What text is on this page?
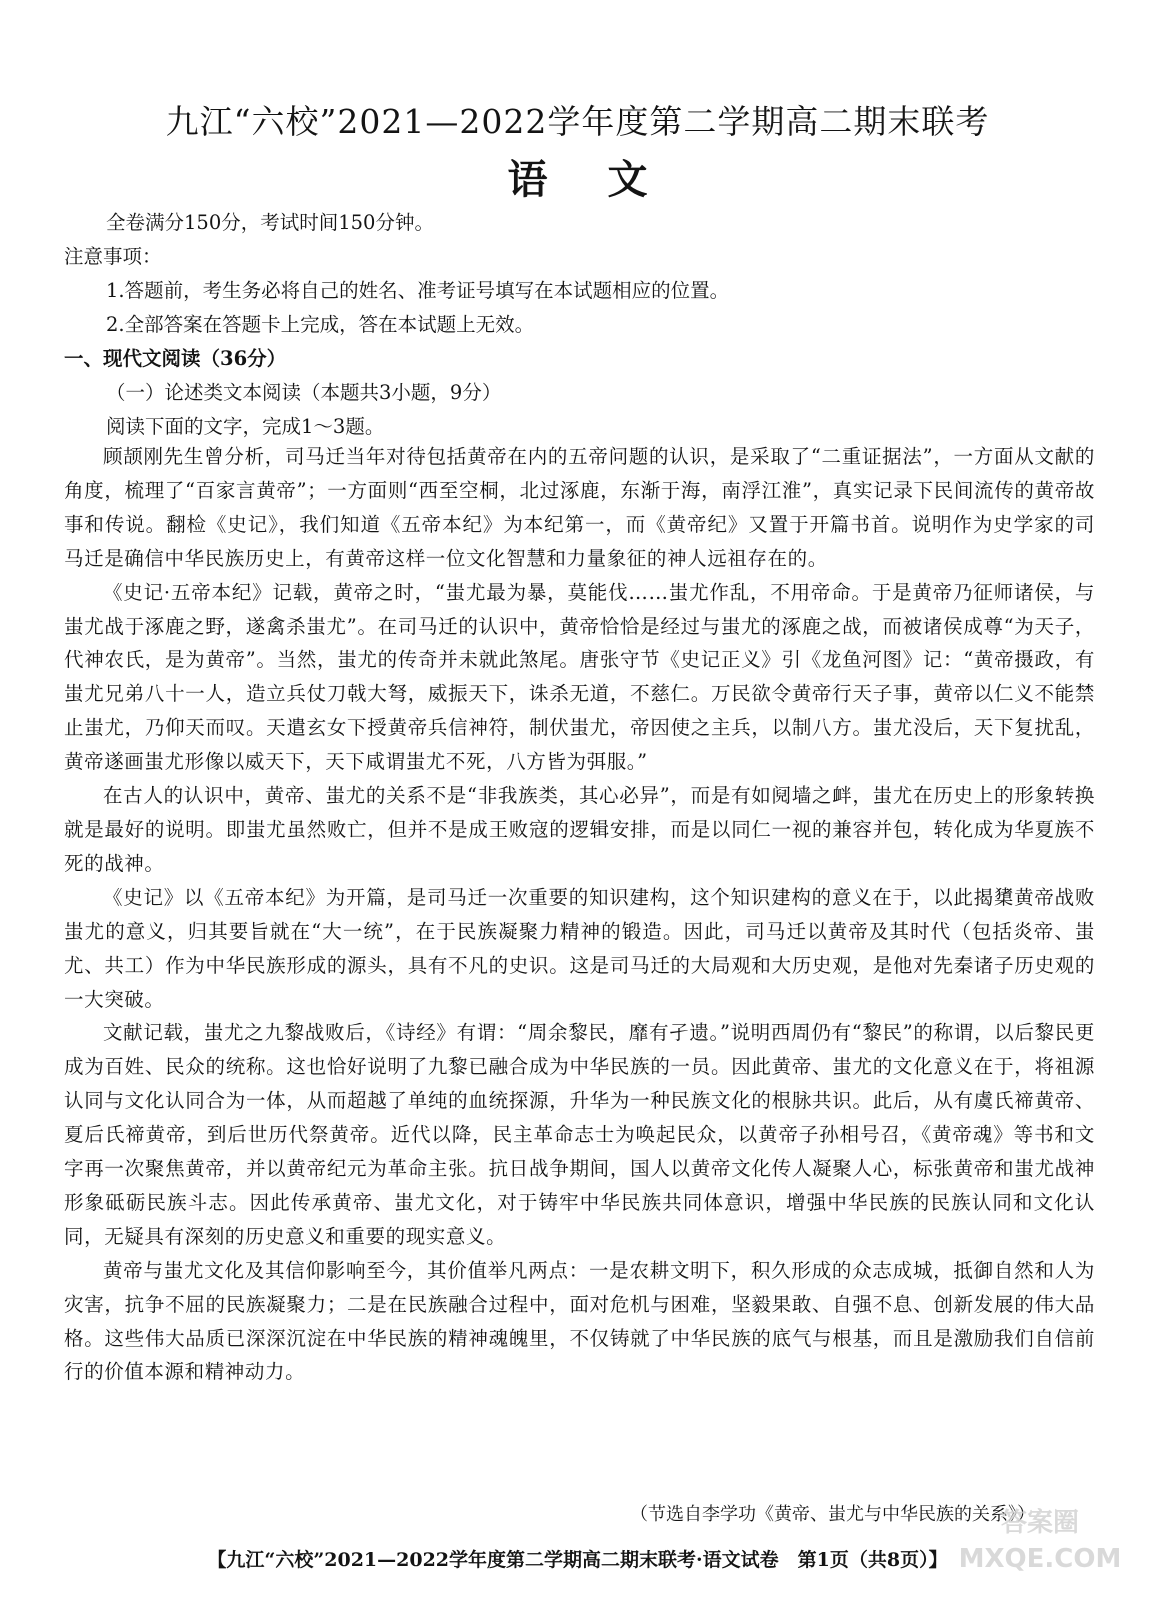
九江“六校”2021—2022学年度第二学期高二期末联考
语文
全卷满分150分，考试时间150分钟。
注意事项：
1.答题前，考生务必将自己的姓名、准考证号填写在本试题相应的位置。
2.全部答案在答题卡上完成，答在本试题上无效。
一、现代文阅读（36分）
（一）论述类文本阅读（本题共3小题，9分）
阅读下面的文字，完成1～3题。

顾颉刚先生曾分析，司马迁当年对待包括黄帝在内的五帝问题的认识，是采取了“二重证据法”，一方面从文献的角度，梳理了“百家言黄帝”；一方面则“西至空桐，北过涿鹿，东渐于海，南浮江淮”，真实记录下民间流传的黄帝故事和传说。翻检《史记》，我们知道《五帝本纪》为本纪第一，而《黄帝纪》又置于开篇书首。说明作为史学家的司马迁是确信中华民族历史上，有黄帝这样一位文化智慧和力量象征的神人远祖存在的。

《史记·五帝本纪》记载，黄帝之时，“蚩尤最为暴，莫能伐……蚩尤作乱，不用帝命。于是黄帝乃征师诸侯，与蚩尤战于涿鹿之野，遂禽杀蚩尤”。在司马迁的认识中，黄帝恰恰是经过与蚩尤的涿鹿之战，而被诸侯成尊“为天子，代神农氏，是为黄帝”。当然，蚩尤的传奇并未就此煞尾。唐张守节《史记正义》引《龙鱼河图》记：“黄帝摄政，有蚩尤兄弟八十一人，造立兵仗刀戟大弩，威振天下，诛杀无道，不慈仁。万民欲令黄帝行天子事，黄帝以仁义不能禁止蚩尤，乃仰天而叹。天遣玄女下授黄帝兵信神符，制伏蚩尤，帝因使之主兵，以制八方。蚩尤没后，天下复扰乱，黄帝遂画蚩尤形像以威天下，天下咸谓蚩尤不死，八方皆为弭服。”

在古人的认识中，黄帝、蚩尤的关系不是“非我族类，其心必异”，而是有如阋墙之衅，蚩尤在历史上的形象转换就是最好的说明。即蚩尤虽然败亡，但并不是成王败寇的逻辑安排，而是以同仁一视的兼容并包，转化成为华夏族不死的战神。

《史记》以《五帝本纪》为开篇，是司马迁一次重要的知识建构，这个知识建构的意义在于，以此揭橥黄帝战败蚩尤的意义，归其要旨就在“大一统”，在于民族凝聚力精神的锻造。因此，司马迁以黄帝及其时代（包括炎帝、蚩尤、共工）作为中华民族形成的源头，具有不凡的史识。这是司马迁的大局观和大历史观，是他对先秦诸子历史观的一大突破。

文献记载，蚩尤之九黎战败后，《诗经》有谓：“周余黎民，靡有孑遗。”说明西周仍有“黎民”的称谓，以后黎民更成为百姓、民众的统称。这也恰好说明了九黎已融合成为中华民族的一员。因此黄帝、蚩尤的文化意义在于，将祖源认同与文化认同合为一体，从而超越了单纯的血统探源，升华为一种民族文化的根脉共识。此后，从有虞氏禘黄帝、夏后氏禘黄帝，到后世历代祭黄帝。近代以降，民主革命志士为唤起民众，以黄帝子孙相号召，《黄帝魂》等书和文字再一次聚焦黄帝，并以黄帝纪元为革命主张。抗日战争期间，国人以黄帝文化传人凝聚人心，标张黄帝和蚩尤战神形象砥砺民族斗志。因此传承黄帝、蚩尤文化，对于铸牢中华民族共同体意识，增强中华民族的民族认同和文化认同，无疑具有深刻的历史意义和重要的现实意义。

黄帝与蚩尤文化及其信仰影响至今，其价值举凡两点：一是农耕文明下，积久形成的众志成城，抵御自然和人为灾害，抗争不屈的民族凝聚力；二是在民族融合过程中，面对危机与困难，坚毅果敢、自强不息、创新发展的伟大品格。这些伟大品质已深深沉淀在中华民族的精神魂魄里，不仅铸就了中华民族的底气与根基，而且是激励我们自信前行的价值本源和精神动力。

（节选自李学功《黄帝、蚩尤与中华民族的关系》）
答案圈
MXQE.COM
【九江“六校”2021—2022学年度第二学期高二期末联考·语文试卷　第1页（共8页）】
